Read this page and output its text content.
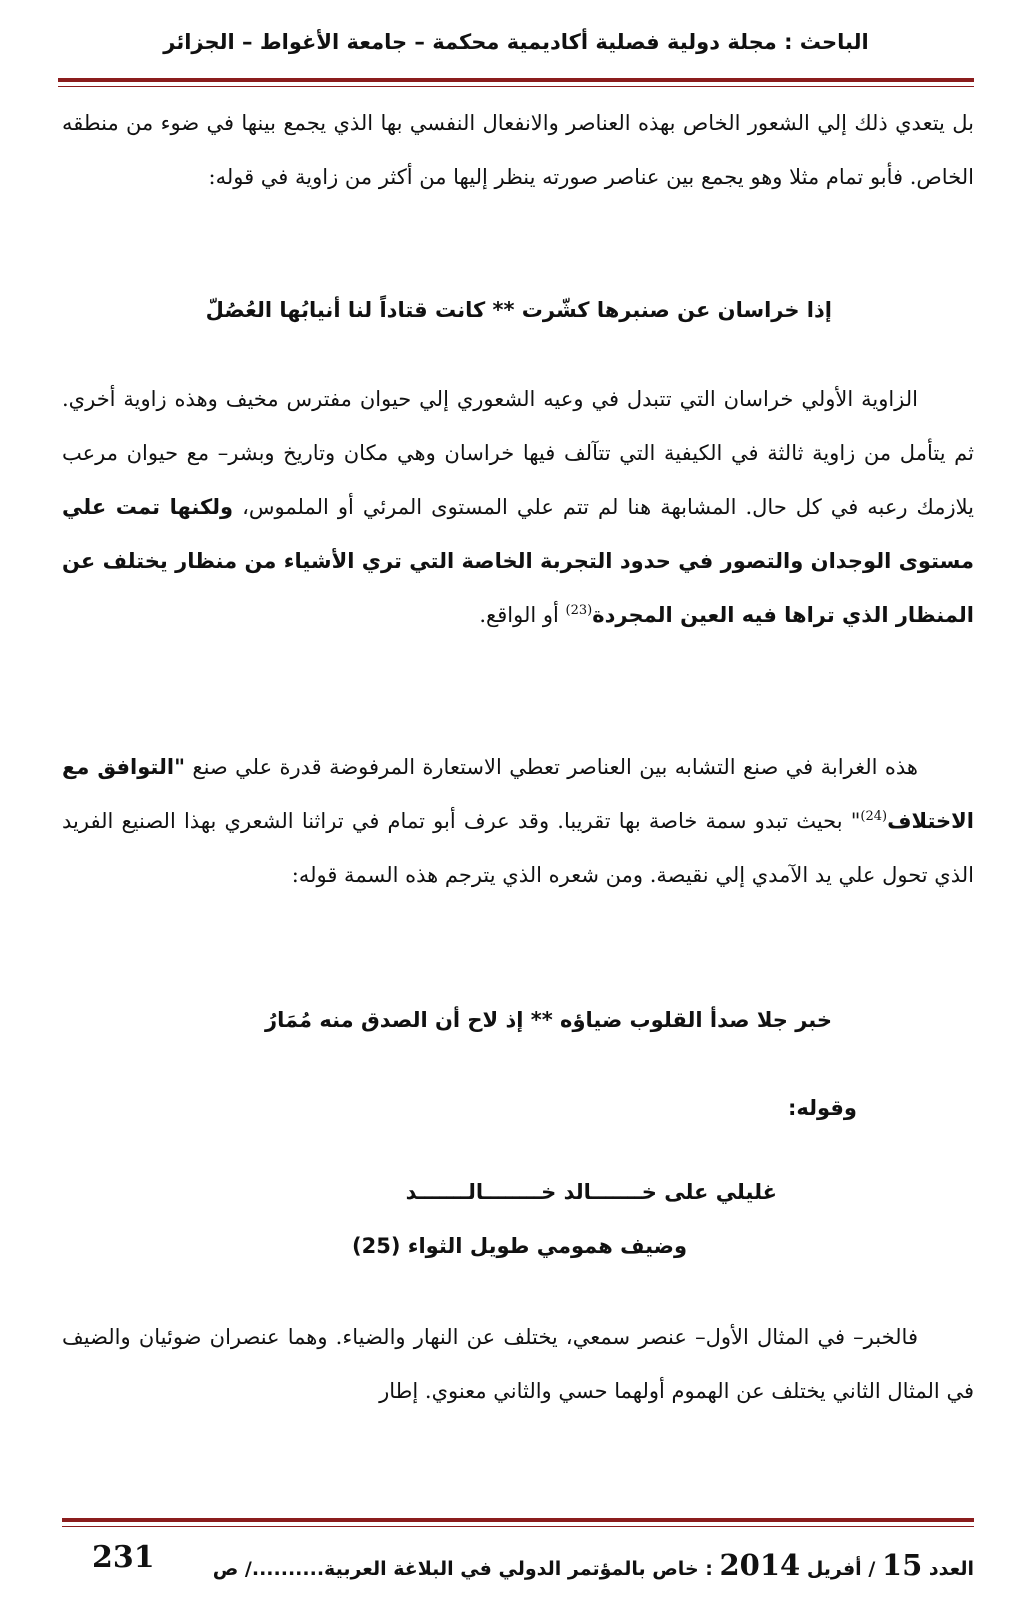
الباحث : مجلة دولية فصلية أكاديمية محكمة – جامعة الأغواط – الجزائر

بل يتعدي ذلك إلي الشعور الخاص بهذه العناصر والانفعال النفسي بها الذي يجمع بينها في ضوء من منطقه الخاص. فأبو تمام مثلا وهو يجمع بين عناصر صورته ينظر إليها من أكثر من زاوية في قوله:

إذا خراسان عن صنبرها كشّرت ** كانت قتاداً لنا أنيابُها العُصُلّ

الزاوية الأولي خراسان التي تتبدل في وعيه الشعوري إلي حيوان مفترس مخيف وهذه زاوية أخري. ثم يتأمل من زاوية ثالثة في الكيفية التي تتآلف فيها خراسان وهي مكان وتاريخ وبشر– مع حيوان مرعب يلازمك رعبه في كل حال. المشابهة هنا لم تتم علي المستوى المرئي أو الملموس، ولكنها تمت علي مستوى الوجدان والتصور في حدود التجربة الخاصة التي تري الأشياء من منظار يختلف عن المنظار الذي تراها فيه العين المجردة$^{(23)}$ أو الواقع.

هذه الغرابة في صنع التشابه بين العناصر تعطي الاستعارة المرفوضة قدرة علي صنع "التوافق مع الاختلاف$^{(24)}$" بحيث تبدو سمة خاصة بها تقريبا. وقد عرف أبو تمام في تراثنا الشعري بهذا الصنيع الفريد الذي تحول علي يد الآمدي إلي نقيصة. ومن شعره الذي يترجم هذه السمة قوله:

خبر جلا صدأ القلوب ضياؤه ** إذ لاح أن الصدق منه مُمَارُ
وقوله:
غليلي على خـــــــالد خــــــــالـــــــد
وضيف همومي طويل الثواء (25)

فالخبر– في المثال الأول– عنصر سمعي، يختلف عن النهار والضياء. وهما عنصران ضوئيان والضيف في المثال الثاني يختلف عن الهموم أولهما حسي والثاني معنوي. إطار

العدد 15 / أفريل 2014 : خاص بالمؤتمر الدولي في البلاغة العربية........../ ص
231
